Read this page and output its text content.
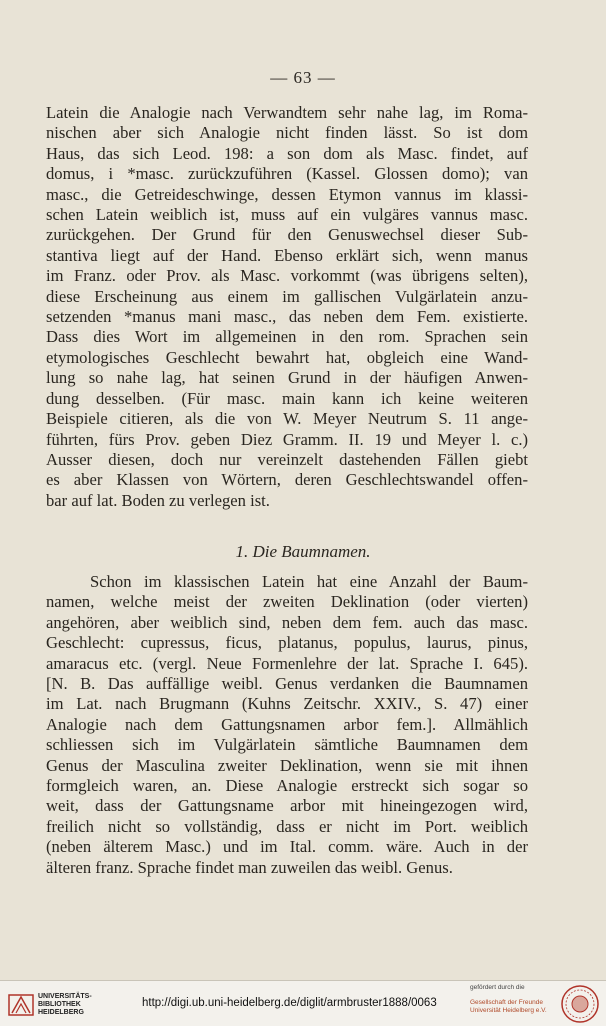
— 63 —
Latein die Analogie nach Verwandtem sehr nahe lag, im Roma-
nischen aber sich Analogie nicht finden lässt. So ist dom
Haus, das sich Leod. 198: a son dom als Masc. findet, auf
domus, i *masc. zurückzuführen (Kassel. Glossen domo); van
masc., die Getreideschwinge, dessen Etymon vannus im klassi-
schen Latein weiblich ist, muss auf ein vulgäres vannus masc.
zurückgehen. Der Grund für den Genuswechsel dieser Sub-
stantiva liegt auf der Hand. Ebenso erklärt sich, wenn manus
im Franz. oder Prov. als Masc. vorkommt (was übrigens selten),
diese Erscheinung aus einem im gallischen Vulgärlatein anzu-
setzenden *manus mani masc., das neben dem Fem. existierte.
Dass dies Wort im allgemeinen in den rom. Sprachen sein
etymologisches Geschlecht bewahrt hat, obgleich eine Wand-
lung so nahe lag, hat seinen Grund in der häufigen Anwen-
dung desselben. (Für masc. main kann ich keine weiteren
Beispiele citieren, als die von W. Meyer Neutrum S. 11 ange-
führten, fürs Prov. geben Diez Gramm. II. 19 und Meyer l. c.)
Ausser diesen, doch nur vereinzelt dastehenden Fällen giebt
es aber Klassen von Wörtern, deren Geschlechtswandel offen-
bar auf lat. Boden zu verlegen ist.
1. Die Baumnamen.
Schon im klassischen Latein hat eine Anzahl der Baum-
namen, welche meist der zweiten Deklination (oder vierten)
angehören, aber weiblich sind, neben dem fem. auch das masc.
Geschlecht: cupressus, ficus, platanus, populus, laurus, pinus,
amaracus etc. (vergl. Neue Formenlehre der lat. Sprache I. 645).
[N. B. Das auffällige weibl. Genus verdanken die Baumnamen
im Lat. nach Brugmann (Kuhns Zeitschr. XXIV., S. 47) einer
Analogie nach dem Gattungsnamen arbor fem.]. Allmählich
schliessen sich im Vulgärlatein sämtliche Baumnamen dem
Genus der Masculina zweiter Deklination, wenn sie mit ihnen
formgleich waren, an. Diese Analogie erstreckt sich sogar so
weit, dass der Gattungsname arbor mit hineingezogen wird,
freilich nicht so vollständig, dass er nicht im Port. weiblich
(neben älterem Masc.) und im Ital. comm. wäre. Auch in der
älteren franz. Sprache findet man zuweilen das weibl. Genus.
UNIVERSITÄTS-
BIBLIOTHEK
HEIDELBERG
http://digi.ub.uni-heidelberg.de/diglit/armbruster1888/0063
gefördert durch die
Gesellschaft der Freunde
Universität Heidelberg e.V.
